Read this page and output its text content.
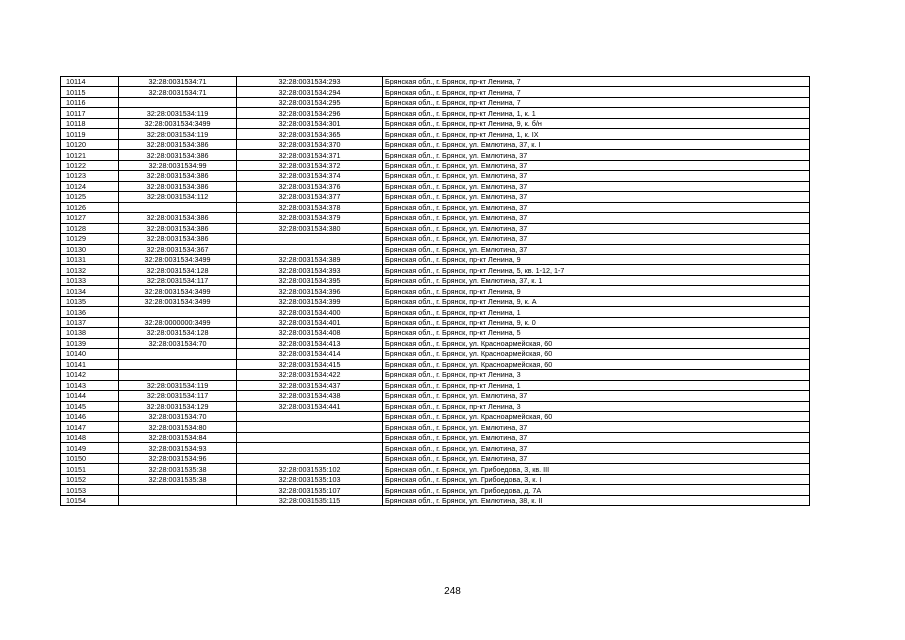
10114	32:28:0031534:71	32:28:0031534:293	Брянская обл., г. Брянск, пр-кт Ленина, 7
10115	32:28:0031534:71	32:28:0031534:294	Брянская обл., г. Брянск, пр-кт Ленина, 7
10116		32:28:0031534:295	Брянская обл., г. Брянск, пр-кт Ленина, 7
10117	32:28:0031534:119	32:28:0031534:296	Брянская обл., г. Брянск, пр-кт Ленина, 1, к. 1
10118	32:28:0031534:3499	32:28:0031534:301	Брянская обл., г. Брянск, пр-кт Ленина, 9, к. б/н
10119	32:28:0031534:119	32:28:0031534:365	Брянская обл., г. Брянск, пр-кт Ленина, 1, к. IX
10120	32:28:0031534:386	32:28:0031534:370	Брянская обл., г. Брянск, ул. Емлютина, 37, к. I
10121	32:28:0031534:386	32:28:0031534:371	Брянская обл., г. Брянск, ул. Емлютина, 37
10122	32:28:0031534:99	32:28:0031534:372	Брянская обл., г. Брянск, ул. Емлютина, 37
10123	32:28:0031534:386	32:28:0031534:374	Брянская обл., г. Брянск, ул. Емлютина, 37
10124	32:28:0031534:386	32:28:0031534:376	Брянская обл., г. Брянск, ул. Емлютина, 37
10125	32:28:0031534:112	32:28:0031534:377	Брянская обл., г. Брянск, ул. Емлютина, 37
10126		32:28:0031534:378	Брянская обл., г. Брянск, ул. Емлютина, 37
10127	32:28:0031534:386	32:28:0031534:379	Брянская обл., г. Брянск, ул. Емлютина, 37
10128	32:28:0031534:386	32:28:0031534:380	Брянская обл., г. Брянск, ул. Емлютина, 37
10129	32:28:0031534:386		Брянская обл., г. Брянск, ул. Емлютина, 37
10130	32:28:0031534:367		Брянская обл., г. Брянск, ул. Емлютина, 37
10131	32:28:0031534:3499	32:28:0031534:389	Брянская обл., г. Брянск, пр-кт Ленина, 9
10132	32:28:0031534:128	32:28:0031534:393	Брянская обл., г. Брянск, пр-кт Ленина, 5, кв. 1-12, 1-7
10133	32:28:0031534:117	32:28:0031534:395	Брянская обл., г. Брянск, ул. Емлютина, 37, к. 1
10134	32:28:0031534:3499	32:28:0031534:396	Брянская обл., г. Брянск, пр-кт Ленина, 9
10135	32:28:0031534:3499	32:28:0031534:399	Брянская обл., г. Брянск, пр-кт Ленина, 9, к. А
10136		32:28:0031534:400	Брянская обл., г. Брянск, пр-кт Ленина, 1
10137	32:28:0000000:3499	32:28:0031534:401	Брянская обл., г. Брянск, пр-кт Ленина, 9, к. 0
10138	32:28:0031534:128	32:28:0031534:408	Брянская обл., г. Брянск, пр-кт Ленина, 5
10139	32:28:0031534:70	32:28:0031534:413	Брянская обл., г. Брянск, ул. Красноармейская, 60
10140		32:28:0031534:414	Брянская обл., г. Брянск, ул. Красноармейская, 60
10141		32:28:0031534:415	Брянская обл., г. Брянск, ул. Красноармейская, 60
10142		32:28:0031534:422	Брянская обл., г. Брянск, пр-кт Ленина, 3
10143	32:28:0031534:119	32:28:0031534:437	Брянская обл., г. Брянск, пр-кт Ленина, 1
10144	32:28:0031534:117	32:28:0031534:438	Брянская обл., г. Брянск, ул. Емлютина, 37
10145	32:28:0031534:129	32:28:0031534:441	Брянская обл., г. Брянск, пр-кт Ленина, 3
10146	32:28:0031534:70		Брянская обл., г. Брянск, ул. Красноармейская, 60
10147	32:28:0031534:80		Брянская обл., г. Брянск, ул. Емлютина, 37
10148	32:28:0031534:84		Брянская обл., г. Брянск, ул. Емлютина, 37
10149	32:28:0031534:93		Брянская обл., г. Брянск, ул. Емлютина, 37
10150	32:28:0031534:96		Брянская обл., г. Брянск, ул. Емлютина, 37
10151	32:28:0031535:38	32:28:0031535:102	Брянская обл., г. Брянск, ул. Грибоедова, 3, кв. III
10152	32:28:0031535:38	32:28:0031535:103	Брянская обл., г. Брянск, ул. Грибоедова, 3, к. I
10153		32:28:0031535:107	Брянская обл., г. Брянск, ул. Грибоедова, д. 7А
10154		32:28:0031535:115	Брянская обл., г. Брянск, ул. Емлютина, 38, к. II
248
